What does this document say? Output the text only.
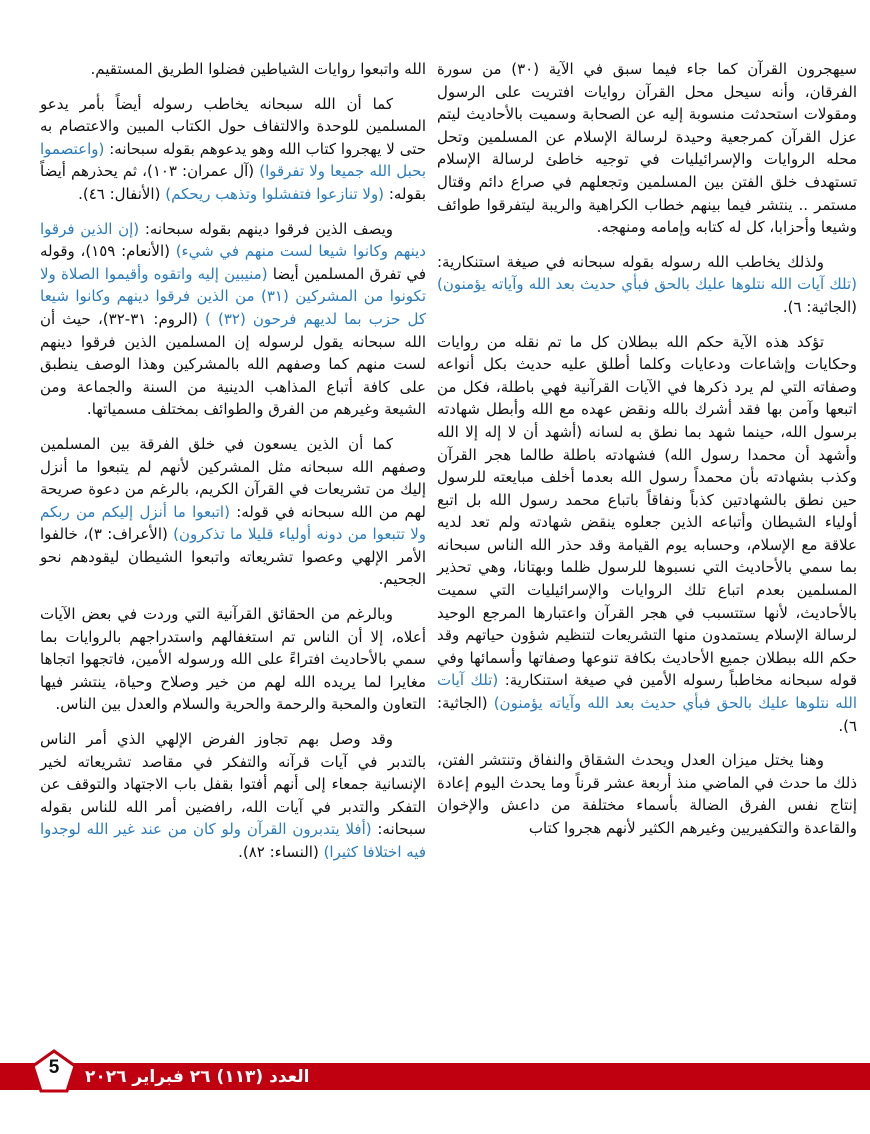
سيهجرون القرآن كما جاء فيما سبق في الآية (٣٠) من سورة الفرقان، وأنه سيحل محل القرآن روايات افتريت على الرسول ومقولات استحدثت منسوبة إليه عن الصحابة وسميت بالأحاديث ليتم عزل القرآن كمرجعية وحيدة لرسالة الإسلام عن المسلمين وتحل محله الروايات والإسرائيليات في توجيه خاطئ لرسالة الإسلام تستهدف خلق الفتن بين المسلمين وتجعلهم في صراع دائم وقتال مستمر .. ينتشر فيما بينهم خطاب الكراهية والريبة ليتفرقوا طوائف وشيعا وأحزابا، كل له كتابه وإمامه ومنهجه.

ولذلك يخاطب الله رسوله بقوله سبحانه في صيغة استنكارية: (تلك آيات الله نتلوها عليك بالحق فبأي حديث بعد الله وآياته يؤمنون) (الجاثية: ٦).

تؤكد هذه الآية حكم الله ببطلان كل ما تم نقله من روايات وحكايات وإشاعات ودعايات وكلما أطلق عليه حديث بكل أنواعه وصفاته التي لم يرد ذكرها في الآيات القرآنية فهي باطلة، فكل من اتبعها وآمن بها فقد أشرك بالله ونقض عهده مع الله وأبطل شهادته برسول الله، حينما شهد بما نطق به لسانه (أشهد أن لا إله إلا الله وأشهد أن محمدا رسول الله) فشهادته باطلة طالما هجر القرآن وكذب بشهادته بأن محمداً رسول الله بعدما أخلف مبايعته للرسول حين نطق بالشهادتين كذباً ونفاقاً باتباع محمد رسول الله بل اتبع أولياء الشيطان وأتباعه الذين جعلوه ينقض شهادته ولم تعد لديه علاقة مع الإسلام، وحسابه يوم القيامة وقد حذر الله الناس سبحانه بما سمي بالأحاديث التي نسبوها للرسول ظلما وبهتانا، وهي تحذير المسلمين بعدم اتباع تلك الروايات والإسرائيليات التي سميت بالأحاديث، لأنها ستتسبب في هجر القرآن واعتبارها المرجع الوحيد لرسالة الإسلام يستمدون منها التشريعات لتنظيم شؤون حياتهم وقد حكم الله ببطلان جميع الأحاديث بكافة تنوعها وصفاتها وأسمائها وفي قوله سبحانه مخاطباً رسوله الأمين في صيغة استنكارية: (تلك آيات الله نتلوها عليك بالحق فبأي حديث بعد الله وآياته يؤمنون) (الجاثية: ٦).

وهنا يختل ميزان العدل ويحدث الشقاق والنفاق وتنتشر الفتن، ذلك ما حدث في الماضي منذ أربعة عشر قرناً وما يحدث اليوم إعادة إنتاج نفس الفرق الضالة بأسماء مختلفة من داعش والإخوان والقاعدة والتكفيريين وغيرهم الكثير لأنهم هجروا كتاب

الله واتبعوا روايات الشياطين فضلوا الطريق المستقيم.

كما أن الله سبحانه يخاطب رسوله أيضاً بأمر يدعو المسلمين للوحدة والالتفاف حول الكتاب المبين والاعتصام به حتى لا يهجروا كتاب الله وهو يدعوهم بقوله سبحانه: (واعتصموا بحبل الله جميعا ولا تفرقوا) (آل عمران: ١٠٣)، ثم يحذرهم أيضاً بقوله: (ولا تنازعوا فتفشلوا وتذهب ريحكم) (الأنفال: ٤٦).

ويصف الذين فرقوا دينهم بقوله سبحانه: (إن الذين فرقوا دينهم وكانوا شيعا لست منهم في شيء) (الأنعام: ١٥٩)، وقوله في تفرق المسلمين أيضا (منيبين إليه واتقوه وأقيموا الصلاة ولا تكونوا من المشركين (٣١) من الذين فرقوا دينهم وكانوا شيعا كل حزب بما لديهم فرحون (٣٢) ) (الروم: ٣١-٣٢)، حيث أن الله سبحانه يقول لرسوله إن المسلمين الذين فرقوا دينهم لست منهم كما وصفهم الله بالمشركين وهذا الوصف ينطبق على كافة أتباع المذاهب الدينية من السنة والجماعة ومن الشيعة وغيرهم من الفرق والطوائف بمختلف مسمياتها.

كما أن الذين يسعون في خلق الفرقة بين المسلمين وصفهم الله سبحانه مثل المشركين لأنهم لم يتبعوا ما أنزل إليك من تشريعات في القرآن الكريم، بالرغم من دعوة صريحة لهم من الله سبحانه في قوله: (اتبعوا ما أنزل إليكم من ربكم ولا تتبعوا من دونه أولياء قليلا ما تذكرون) (الأعراف: ٣)، خالفوا الأمر الإلهي وعصوا تشريعاته واتبعوا الشيطان ليقودهم نحو الجحيم.

وبالرغم من الحقائق القرآنية التي وردت في بعض الآيات أعلاه، إلا أن الناس تم استغفالهم واستدراجهم بالروايات بما سمي بالأحاديث افتراءً على الله ورسوله الأمين، فاتجهوا اتجاها مغايرا لما يريده الله لهم من خير وصلاح وحياة، ينتشر فيها التعاون والمحبة والرحمة والحرية والسلام والعدل بين الناس.

وقد وصل بهم تجاوز الفرض الإلهي الذي أمر الناس بالتدبر في آيات قرآنه والتفكر في مقاصد تشريعاته لخير الإنسانية جمعاء إلى أنهم أفتوا بقفل باب الاجتهاد والتوقف عن التفكر والتدبر في آيات الله، رافضين أمر الله للناس بقوله سبحانه: (أفلا يتدبرون القرآن ولو كان من عند غير الله لوجدوا فيه اختلافا كثيرا) (النساء: ٨٢).

5	العدد (١١٣) ٢٦ فبراير ٢٠٢٦
